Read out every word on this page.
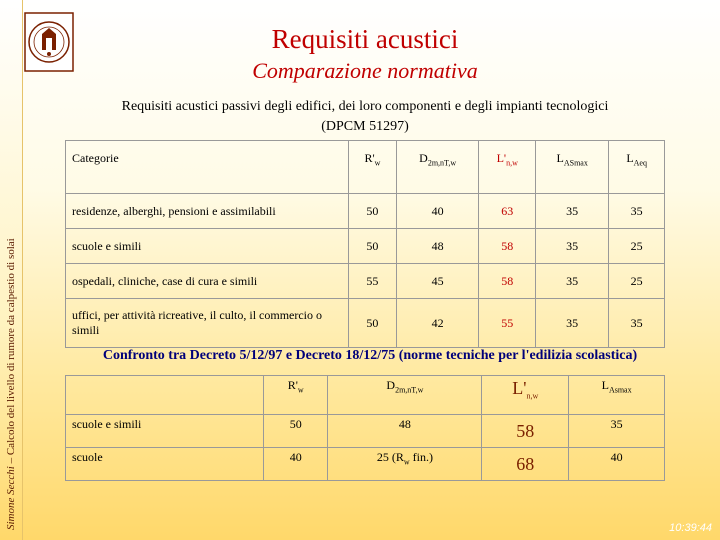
Simone Secchi – Calcolo del livello di rumore da calpestio di solai
Requisiti acustici
Comparazione normativa
Requisiti acustici passivi degli edifici, dei loro componenti e degli impianti tecnologici
(DPCM 51297)
Categorie	$R'_w$	$D_{2m,nT,w}$	$L'_{n,w}$	$L_{ASmax}$	$L_{Aeq}$
residenze, alberghi, pensioni e assimilabili	50	40	63	35	35
scuole e simili	50	48	58	35	25
ospedali, cliniche, case di cura e simili	55	45	58	35	25
uffici, per attività ricreative, il culto, il commercio o simili	50	42	55	35	35
Confronto tra Decreto 5/12/97 e Decreto 18/12/75 (norme tecniche per l'edilizia scolastica)
	$R'_w$	$D_{2m,nT,w}$	$L'_{n,w}$	$L_{Asmax}$
scuole e simili	50	48	58	35
scuole	40	25 ($R_w$ fin.)	68	40
10:39:44
